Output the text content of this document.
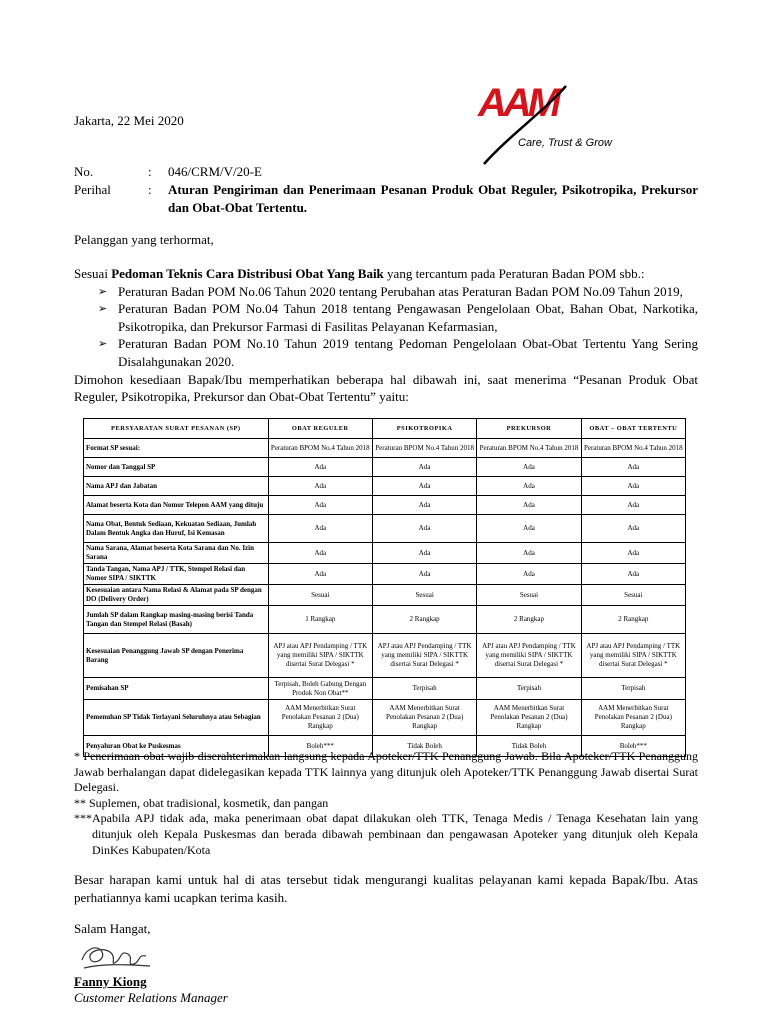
AAM
Care, Trust & Grow
Jakarta, 22 Mei 2020
No.	:	046/CRM/V/20-E
Perihal	:	Aturan Pengiriman dan Penerimaan Pesanan Produk Obat Reguler, Psikotropika, Prekursor dan Obat-Obat Tertentu.
Pelanggan yang terhormat,

Sesuai Pedoman Teknis Cara Distribusi Obat Yang Baik yang tercantum pada Peraturan Badan POM sbb.:

➢ Peraturan Badan POM No.06 Tahun 2020 tentang Perubahan atas Peraturan Badan POM No.09 Tahun 2019,
➢ Peraturan Badan POM No.04 Tahun 2018 tentang Pengawasan Pengelolaan Obat, Bahan Obat, Narkotika, Psikotropika, dan Prekursor Farmasi di Fasilitas Pelayanan Kefarmasian,
➢ Peraturan Badan POM No.10 Tahun 2019 tentang Pedoman Pengelolaan Obat-Obat Tertentu Yang Sering Disalahgunakan 2020.

Dimohon kesediaan Bapak/Ibu memperhatikan beberapa hal dibawah ini, saat menerima “Pesanan Produk Obat Reguler, Psikotropika, Prekursor dan Obat-Obat Tertentu” yaitu:

PERSYARATAN SURAT PESANAN (SP)	OBAT REGULER	PSIKOTROPIKA	PREKURSOR	OBAT – OBAT TERTENTU
Format SP sesuai:	Peraturan BPOM No.4 Tahun 2018	Peraturan BPOM No.4 Tahun 2018	Peraturan BPOM No.4 Tahun 2018	Peraturan BPOM No.4 Tahun 2018
Nomor dan Tanggal SP	Ada	Ada	Ada	Ada
Nama APJ dan Jabatan	Ada	Ada	Ada	Ada
Alamat beserta Kota dan Nomor Telepon AAM yang dituju	Ada	Ada	Ada	Ada
Nama Obat, Bentuk Sediaan, Kekuatan Sediaan, Jumlah Dalam Bentuk Angka dan Huruf, Isi Kemasan	Ada	Ada	Ada	Ada
Nama Sarana, Alamat beserta Kota Sarana dan No. Izin Sarana	Ada	Ada	Ada	Ada
Tanda Tangan, Nama APJ / TTK, Stempel Relasi dan Nomor SIPA / SIKTTK	Ada	Ada	Ada	Ada
Kesesuaian antara Nama Relasi & Alamat pada SP dengan DO (Delivery Order)	Sesuai	Sesuai	Sesuai	Sesuai
Jumlah SP dalam Rangkap masing-masing berisi Tanda Tangan dan Stempel Relasi (Basah)	1 Rangkap	2 Rangkap	2 Rangkap	2 Rangkap
Kesesuaian Penanggung Jawab SP dengan Penerima Barang	APJ atau APJ Pendamping / TTK yang memiliki SIPA / SIKTTK disertai Surat Delegasi *	APJ atau APJ Pendamping / TTK yang memiliki SIPA / SIKTTK disertai Surat Delegasi *	APJ atau APJ Pendamping / TTK yang memiliki SIPA / SIKTTK disertai Surat Delegasi *	APJ atau APJ Pendamping / TTK yang memiliki SIPA / SIKTTK disertai Surat Delegasi *
Pemisahan SP	Terpisah, Boleh Gabung Dengan Produk Non Obat**	Terpisah	Terpisah	Terpisah
Pemenuhan SP Tidak Terlayani Seluruhnya atau Sebagian	AAM Menerbitkan Surat Penolakan Pesanan 2 (Dua) Rangkap	AAM Menerbitkan Surat Penolakan Pesanan 2 (Dua) Rangkap	AAM Menerbitkan Surat Penolakan Pesanan 2 (Dua) Rangkap	AAM Menerbitkan Surat Penolakan Pesanan 2 (Dua) Rangkap
Penyaluran Obat ke Puskesmas	Boleh***	Tidak Boleh	Tidak Boleh	Boleh***

* Penerimaan obat wajib diserahterimakan langsung kepada Apoteker/TTK Penanggung Jawab. Bila Apoteker/TTK Penanggung Jawab berhalangan dapat didelegasikan kepada TTK lainnya yang ditunjuk oleh Apoteker/TTK Penanggung Jawab disertai Surat Delegasi.

** Suplemen, obat tradisional, kosmetik, dan pangan

***Apabila APJ tidak ada, maka penerimaan obat dapat dilakukan oleh TTK, Tenaga Medis / Tenaga Kesehatan lain yang ditunjuk oleh Kepala Puskesmas dan berada dibawah pembinaan dan pengawasan Apoteker yang ditunjuk oleh Kepala DinKes Kabupaten/Kota

Besar harapan kami untuk hal di atas tersebut tidak mengurangi kualitas pelayanan kami kepada Bapak/Ibu. Atas perhatiannya kami ucapkan terima kasih.
Salam Hangat,
Fanny Kiong
Customer Relations Manager
